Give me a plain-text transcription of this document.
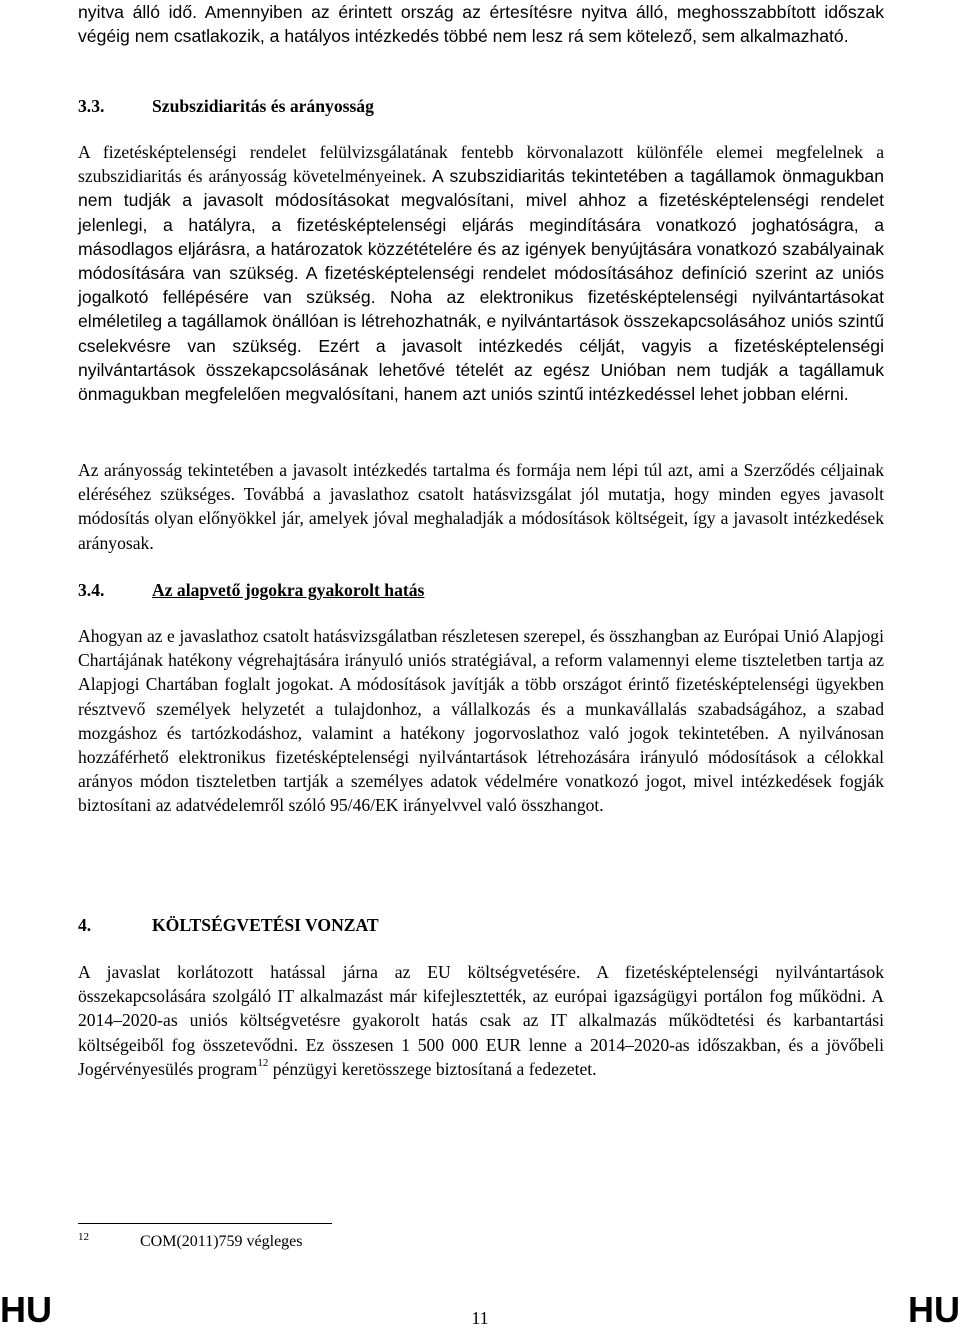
nyitva álló idő. Amennyiben az érintett ország az értesítésre nyitva álló, meghosszabbított időszak végéig nem csatlakozik, a hatályos intézkedés többé nem lesz rá sem kötelező, sem alkalmazható.

3.3.	Szubszidiaritás és arányosság

A fizetésképtelenségi rendelet felülvizsgálatának fentebb körvonalazott különféle elemei megfelelnek a szubszidiaritás és arányosság követelményeinek. A szubszidiaritás tekintetében a tagállamok önmagukban nem tudják a javasolt módosításokat megvalósítani, mivel ahhoz a fizetésképtelenségi rendelet jelenlegi, a hatályra, a fizetésképtelenségi eljárás megindítására vonatkozó joghatóságra, a másodlagos eljárásra, a határozatok közzétételére és az igények benyújtására vonatkozó szabályainak módosítására van szükség. A fizetésképtelenségi rendelet módosításához definíció szerint az uniós jogalkotó fellépésére van szükség. Noha az elektronikus fizetésképtelenségi nyilvántartásokat elméletileg a tagállamok önállóan is létrehozhatnák, e nyilvántartások összekapcsolásához uniós szintű cselekvésre van szükség. Ezért a javasolt intézkedés célját, vagyis a fizetésképtelenségi nyilvántartások összekapcsolásának lehetővé tételét az egész Unióban nem tudják a tagállamuk önmagukban megfelelően megvalósítani, hanem azt uniós szintű intézkedéssel lehet jobban elérni.

Az arányosság tekintetében a javasolt intézkedés tartalma és formája nem lépi túl azt, ami a Szerződés céljainak eléréséhez szükséges. Továbbá a javaslathoz csatolt hatásvizsgálat jól mutatja, hogy minden egyes javasolt módosítás olyan előnyökkel jár, amelyek jóval meghaladják a módosítások költségeit, így a javasolt intézkedések arányosak.

3.4.	Az alapvető jogokra gyakorolt hatás

Ahogyan az e javaslathoz csatolt hatásvizsgálatban részletesen szerepel, és összhangban az Európai Unió Alapjogi Chartájának hatékony végrehajtására irányuló uniós stratégiával, a reform valamennyi eleme tiszteletben tartja az Alapjogi Chartában foglalt jogokat. A módosítások javítják a több országot érintő fizetésképtelenségi ügyekben résztvevő személyek helyzetét a tulajdonhoz, a vállalkozás és a munkavállalás szabadságához, a szabad mozgáshoz és tartózkodáshoz, valamint a hatékony jogorvoslathoz való jogok tekintetében. A nyilvánosan hozzáférhető elektronikus fizetésképtelenségi nyilvántartások létrehozására irányuló módosítások a célokkal arányos módon tiszteletben tartják a személyes adatok védelmére vonatkozó jogot, mivel intézkedések fogják biztosítani az adatvédelemről szóló 95/46/EK irányelvvel való összhangot.

4.	KÖLTSÉGVETÉSI VONZAT

A javaslat korlátozott hatással járna az EU költségvetésére. A fizetésképtelenségi nyilvántartások összekapcsolására szolgáló IT alkalmazást már kifejlesztették, az európai igazságügyi portálon fog működni. A 2014–2020-as uniós költségvetésre gyakorolt hatás csak az IT alkalmazás működtetési és karbantartási költségeiből fog összetevődni. Ez összesen 1 500 000 EUR lenne a 2014–2020-as időszakban, és a jövőbeli Jogérvényesülés program$^{12}$ pénzügyi keretösszege biztosítaná a fedezetet.

12	COM(2011)759 végleges
HU	11	HU
